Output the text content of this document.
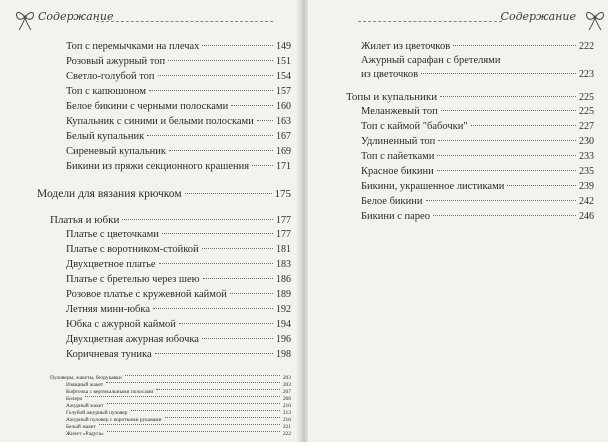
Содержание
Топ с перемычками на плечах	149
Розовый ажурный топ	151
Светло-голубой топ	154
Топ с капюшоном	157
Белое бикини с черными полосками	160
Купальник с синими и белыми полосками 163
Белый купальник	167
Сиреневый купальник	169
Бикини из пряжи секционного крашения	171
Модели для вязания крючком	175
Платья и юбки	177
Платье с цветочками	177
Платье с воротником-стойкой	181
Двухцветное платье	183
Платье с бретелью через шею	186
Розовое платье с кружевной каймой	189
Летняя мини-юбка	192
Юбка с ажурной каймой	194
Двухцветная ажурная юбочка	196
Коричневая туника	198
Пуловеры, жакеты, безрукавки	203
Изящный жакет	203
Кофточка с вертикальными полосами	207
Болеро	208
Ажурный жакет	210
Голубой ажурный пуловер	213
Ажурный пуловер с короткими рукавами	216
Белый жакет	221
Жилет «Радуга»	222
Содержание
Жилет из цветочков	222
Ажурный сарафан с бретелями
из цветочков	223
Топы и купальники	225
Меланжевый топ	225
Топ с каймой "бабочки"	227
Удлиненный топ	230
Топ с пайетками	233
Красное бикини	235
Бикини, украшенное листиками	239
Белое бикини	242
Бикини с парео	246
